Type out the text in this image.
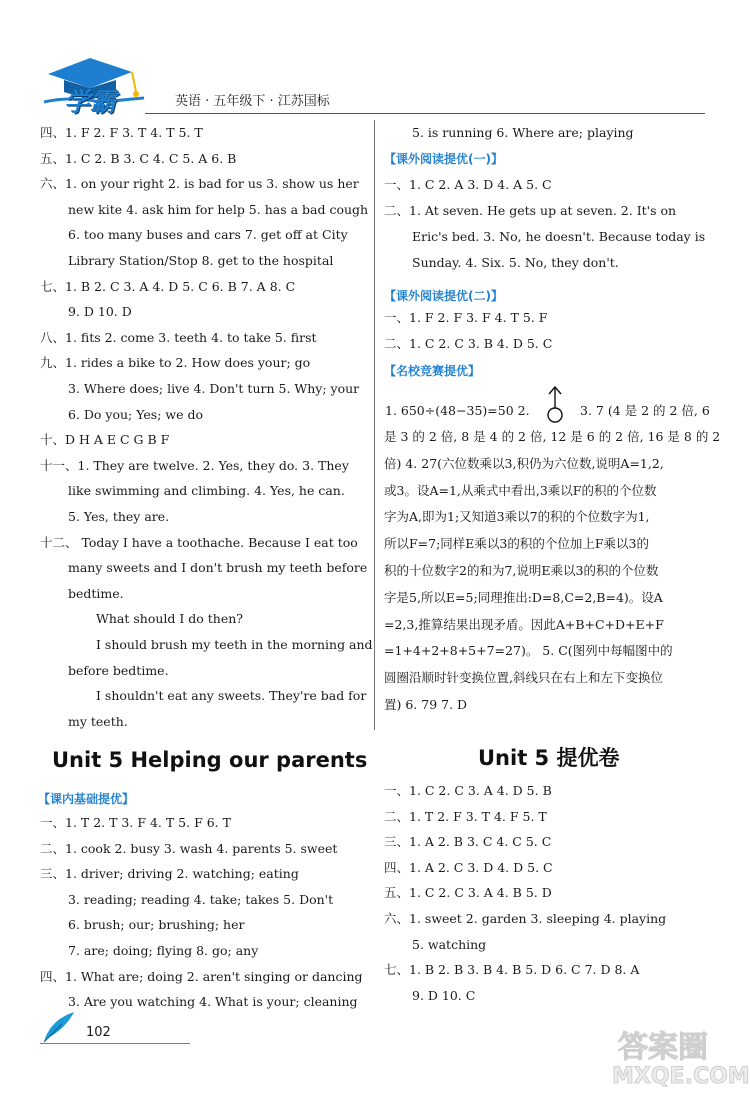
学霸	英语 · 五年级下 · 江苏国标
四、1. F 2. F 3. T 4. T 5. T
五、1. C 2. B 3. C 4. C 5. A 6. B
六、1. on your right 2. is bad for us 3. show us her
new kite 4. ask him for help 5. has a bad cough
6. too many buses and cars 7. get off at City
Library Station/Stop 8. get to the hospital
七、1. B 2. C 3. A 4. D 5. C 6. B 7. A 8. C
9. D 10. D
八、1. fits 2. come 3. teeth 4. to take 5. first
九、1. rides a bike to 2. How does your; go
3. Where does; live 4. Don't turn 5. Why; your
6. Do you; Yes; we do
十、D H A E C G B F
十一、1. They are twelve. 2. Yes, they do. 3. They
like swimming and climbing. 4. Yes, he can.
5. Yes, they are.
十二、 Today I have a toothache. Because I eat too
many sweets and I don't brush my teeth before
bedtime.
What should I do then?
I should brush my teeth in the morning and
before bedtime.
I shouldn't eat any sweets. They're bad for
my teeth.
Unit 5 Helping our parents
【课内基础提优】
一、1. T 2. T 3. F 4. T 5. F 6. T
二、1. cook 2. busy 3. wash 4. parents 5. sweet
三、1. driver; driving 2. watching; eating
3. reading; reading 4. take; takes 5. Don't
6. brush; our; brushing; her
7. are; doing; flying 8. go; any
四、1. What are; doing 2. aren't singing or dancing
3. Are you watching 4. What is your; cleaning
5. is running 6. Where are; playing
【课外阅读提优(一)】
一、1. C 2. A 3. D 4. A 5. C
二、1. At seven. He gets up at seven. 2. It's on
Eric's bed. 3. No, he doesn't. Because today is
Sunday. 4. Six. 5. No, they don't.
【课外阅读提优(二)】
一、1. F 2. F 3. F 4. T 5. F
二、1. C 2. C 3. B 4. D 5. C
【名校竞赛提优】
1. 650÷(48−35)=50 2.	3. 7 (4 是 2 的 2 倍, 6
是 3 的 2 倍, 8 是 4 的 2 倍, 12 是 6 的 2 倍, 16 是 8 的 2
倍) 4. 27(六位数乘以3,积仍为六位数,说明A=1,2,
或3。设A=1,从乘式中看出,3乘以F的积的个位数
字为A,即为1;又知道3乘以7的积的个位数字为1,
所以F=7;同样E乘以3的积的个位加上F乘以3的
积的十位数字2的和为7,说明E乘以3的积的个位数
字是5,所以E=5;同理推出:D=8,C=2,B=4)。设A
=2,3,推算结果出现矛盾。因此A+B+C+D+E+F
=1+4+2+8+5+7=27)。 5. C(图列中每幅图中的
圆圈沿顺时针变换位置,斜线只在右上和左下变换位
置) 6. 79 7. D
Unit 5 提优卷
一、1. C 2. C 3. A 4. D 5. B
二、1. T 2. F 3. T 4. F 5. T
三、1. A 2. B 3. C 4. C 5. C
四、1. A 2. C 3. D 4. D 5. C
五、1. C 2. C 3. A 4. B 5. D
六、1. sweet 2. garden 3. sleeping 4. playing
5. watching
七、1. B 2. B 3. B 4. B 5. D 6. C 7. D 8. A
9. D 10. C
102	答案圈
MXQE.COM
